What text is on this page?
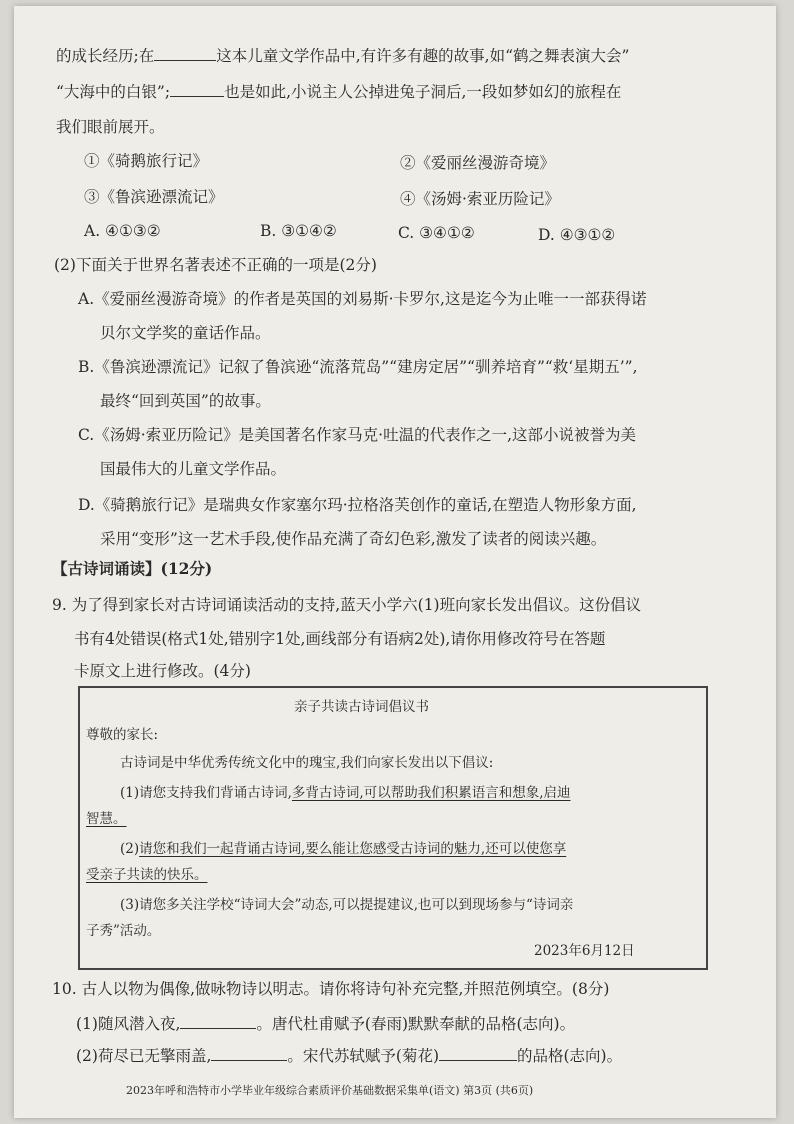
的成长经历;在	这本儿童文学作品中,有许多有趣的故事,如“鹤之舞表演大会”
“大海中的白银”;	也是如此,小说主人公掉进兔子洞后,一段如梦如幻的旅程在
我们眼前展开。
①《骑鹅旅行记》	②《爱丽丝漫游奇境》
③《鲁滨逊漂流记》	④《汤姆·索亚历险记》
A. ④①③②	B. ③①④②	C. ③④①②	D. ④③①②
(2)下面关于世界名著表述不正确的一项是(2分)
A.《爱丽丝漫游奇境》的作者是英国的刘易斯·卡罗尔,这是迄今为止唯一一部获得诺
贝尔文学奖的童话作品。
B.《鲁滨逊漂流记》记叙了鲁滨逊“流落荒岛”“建房定居”“驯养培育”“救‘星期五’”,
最终“回到英国”的故事。
C.《汤姆·索亚历险记》是美国著名作家马克·吐温的代表作之一,这部小说被誉为美
国最伟大的儿童文学作品。
D.《骑鹅旅行记》是瑞典女作家塞尔玛·拉格洛芙创作的童话,在塑造人物形象方面,
采用“变形”这一艺术手段,使作品充满了奇幻色彩,激发了读者的阅读兴趣。
【古诗词诵读】(12分)
9. 为了得到家长对古诗词诵读活动的支持,蓝天小学六(1)班向家长发出倡议。这份倡议
书有4处错误(格式1处,错别字1处,画线部分有语病2处),请你用修改符号在答题
卡原文上进行修改。(4分)
亲子共读古诗词倡议书
尊敬的家长:
古诗词是中华优秀传统文化中的瑰宝,我们向家长发出以下倡议:
(1)请您支持我们背诵古诗词,多背古诗词,可以帮助我们积累语言和想象,启迪
智慧。
(2)请您和我们一起背诵古诗词,要么能让您感受古诗词的魅力,还可以使您享
受亲子共读的快乐。
(3)请您多关注学校“诗词大会”动态,可以提提建议,也可以到现场参与“诗词亲
子秀”活动。
2023年6月12日
10. 古人以物为偶像,做咏物诗以明志。请你将诗句补充完整,并照范例填空。(8分)
(1)随风潜入夜,	。唐代杜甫赋予(春雨)默默奉献的品格(志向)。
(2)荷尽已无擎雨盖,	。宋代苏轼赋予(菊花)	的品格(志向)。
2023年呼和浩特市小学毕业年级综合素质评价基础数据采集单(语文) 第3页 (共6页)
